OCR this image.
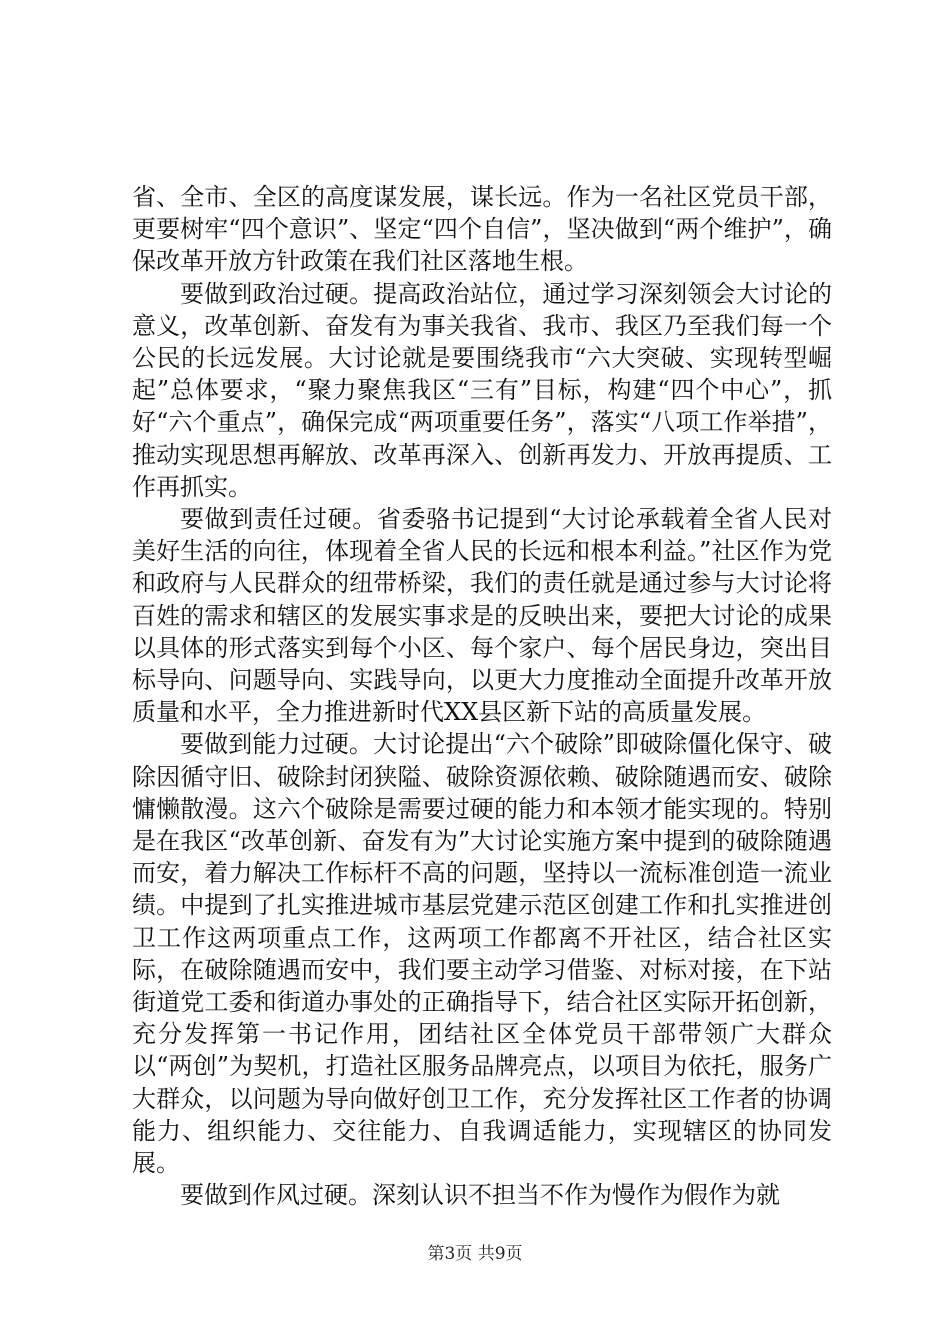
省、全市、全区的高度谋发展，谋长远。作为一名社区党员干部，更要树牢“四个意识”、坚定“四个自信”，坚决做到“两个维护”，确保改革开放方针政策在我们社区落地生根。

要做到政治过硬。提高政治站位，通过学习深刻领会大讨论的意义，改革创新、奋发有为事关我省、我市、我区乃至我们每一个公民的长远发展。大讨论就是要围绕我市“六大突破、实现转型崛起”总体要求，“聚力聚焦我区“三有”目标，构建“四个中心”，抓好“六个重点”，确保完成“两项重要任务”，落实“八项工作举措”，推动实现思想再解放、改革再深入、创新再发力、开放再提质、工作再抓实。

要做到责任过硬。省委骆书记提到“大讨论承载着全省人民对美好生活的向往，体现着全省人民的长远和根本利益。”社区作为党和政府与人民群众的纽带桥梁，我们的责任就是通过参与大讨论将百姓的需求和辖区的发展实事求是的反映出来，要把大讨论的成果以具体的形式落实到每个小区、每个家户、每个居民身边，突出目标导向、问题导向、实践导向，以更大力度推动全面提升改革开放质量和水平，全力推进新时代XX县区新下站的高质量发展。

要做到能力过硬。大讨论提出“六个破除”即破除僵化保守、破除因循守旧、破除封闭狭隘、破除资源依赖、破除随遇而安、破除慵懒散漫。这六个破除是需要过硬的能力和本领才能实现的。特别是在我区“改革创新、奋发有为”大讨论实施方案中提到的破除随遇而安，着力解决工作标杆不高的问题，坚持以一流标准创造一流业绩。中提到了扎实推进城市基层党建示范区创建工作和扎实推进创卫工作这两项重点工作，这两项工作都离不开社区，结合社区实际，在破除随遇而安中，我们要主动学习借鉴、对标对接，在下站街道党工委和街道办事处的正确指导下，结合社区实际开拓创新，充分发挥第一书记作用，团结社区全体党员干部带领广大群众以“两创”为契机，打造社区服务品牌亮点，以项目为依托，服务广大群众，以问题为导向做好创卫工作，充分发挥社区工作者的协调能力、组织能力、交往能力、自我调适能力，实现辖区的协同发展。

要做到作风过硬。深刻认识不担当不作为慢作为假作为就

第3页 共9页
